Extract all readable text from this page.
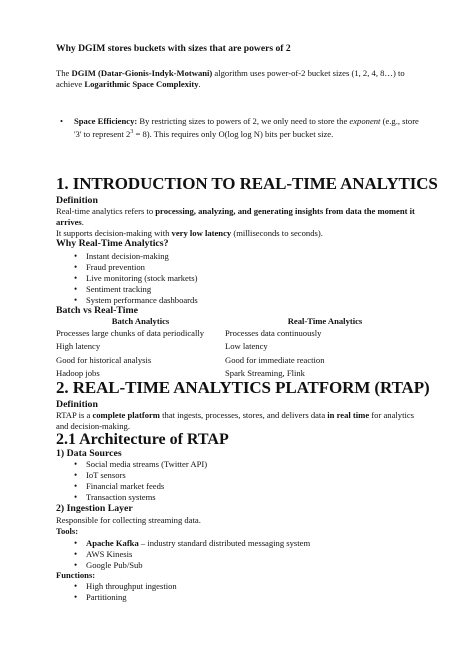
Why DGIM stores buckets with sizes that are powers of 2
The DGIM (Datar-Gionis-Indyk-Motwani) algorithm uses power-of-2 bucket sizes (1, 2, 4, 8…) to achieve Logarithmic Space Complexity.
• Space Efficiency: By restricting sizes to powers of 2, we only need to store the exponent (e.g., store '3' to represent $2^3 = 8$). This requires only O(log log N) bits per bucket size.
1. INTRODUCTION TO REAL-TIME ANALYTICS
Definition
Real-time analytics refers to processing, analyzing, and generating insights from data the moment it arrives.
It supports decision-making with very low latency (milliseconds to seconds).
Why Real-Time Analytics?
• Instant decision-making
• Fraud prevention
• Live monitoring (stock markets)
• Sentiment tracking
• System performance dashboards
Batch vs Real-Time
Batch Analytics	Real-Time Analytics
Processes large chunks of data periodically	Processes data continuously
High latency	Low latency
Good for historical analysis	Good for immediate reaction
Hadoop jobs	Spark Streaming, Flink
2. REAL-TIME ANALYTICS PLATFORM (RTAP)
Definition
RTAP is a complete platform that ingests, processes, stores, and delivers data in real time for analytics and decision-making.
2.1 Architecture of RTAP
1) Data Sources
• Social media streams (Twitter API)
• IoT sensors
• Financial market feeds
• Transaction systems
2) Ingestion Layer
Responsible for collecting streaming data.
Tools:
• Apache Kafka – industry standard distributed messaging system
• AWS Kinesis
• Google Pub/Sub
Functions:
• High throughput ingestion
• Partitioning
